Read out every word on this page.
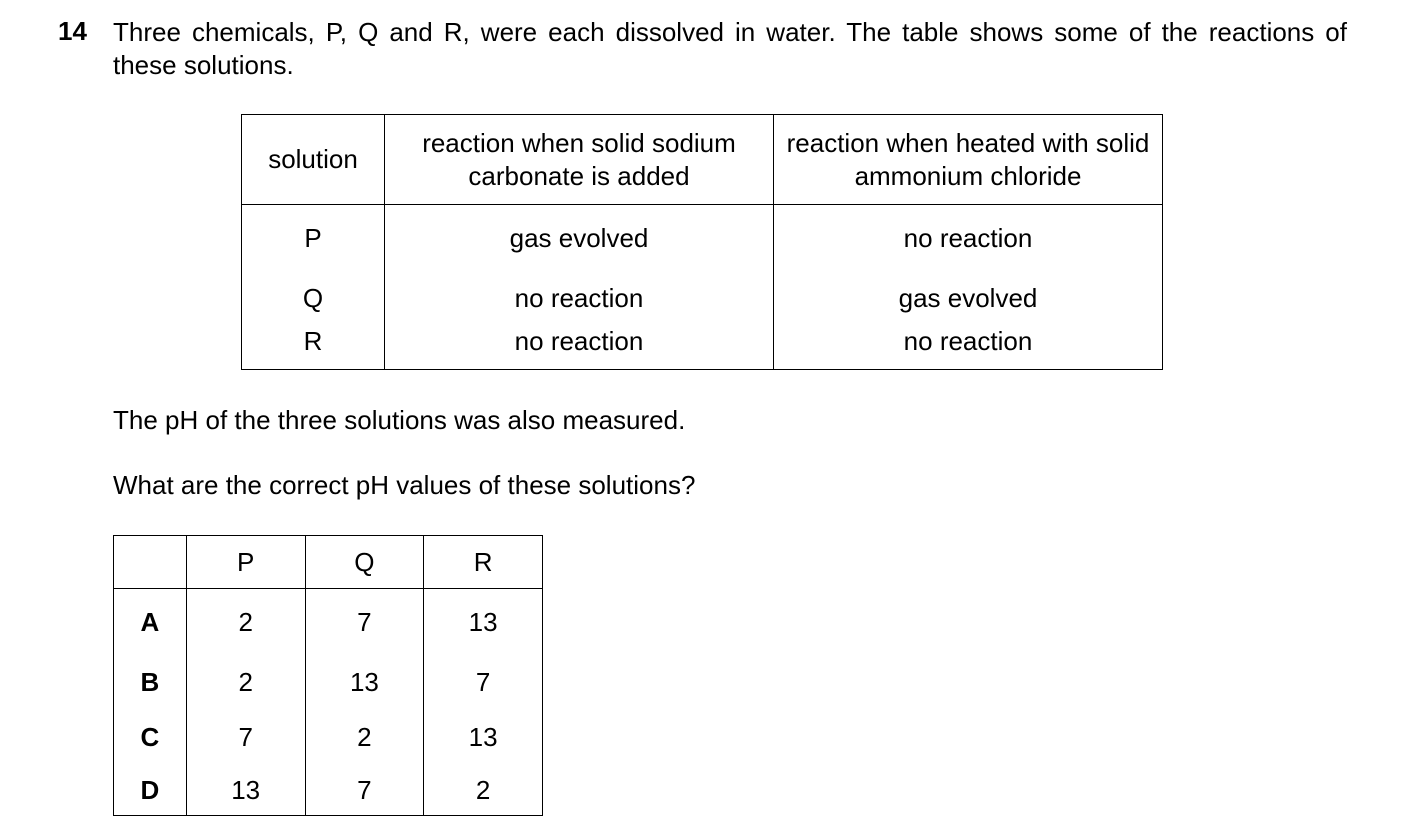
14 Three chemicals, P, Q and R, were each dissolved in water. The table shows some of the reactions of these solutions.
solution	reaction when solid sodium carbonate is added	reaction when heated with solid ammonium chloride
P	gas evolved	no reaction
Q	no reaction	gas evolved
R	no reaction	no reaction
The pH of the three solutions was also measured.
What are the correct pH values of these solutions?
	P	Q	R
A	2	7	13
B	2	13	7
C	7	2	13
D	13	7	2
